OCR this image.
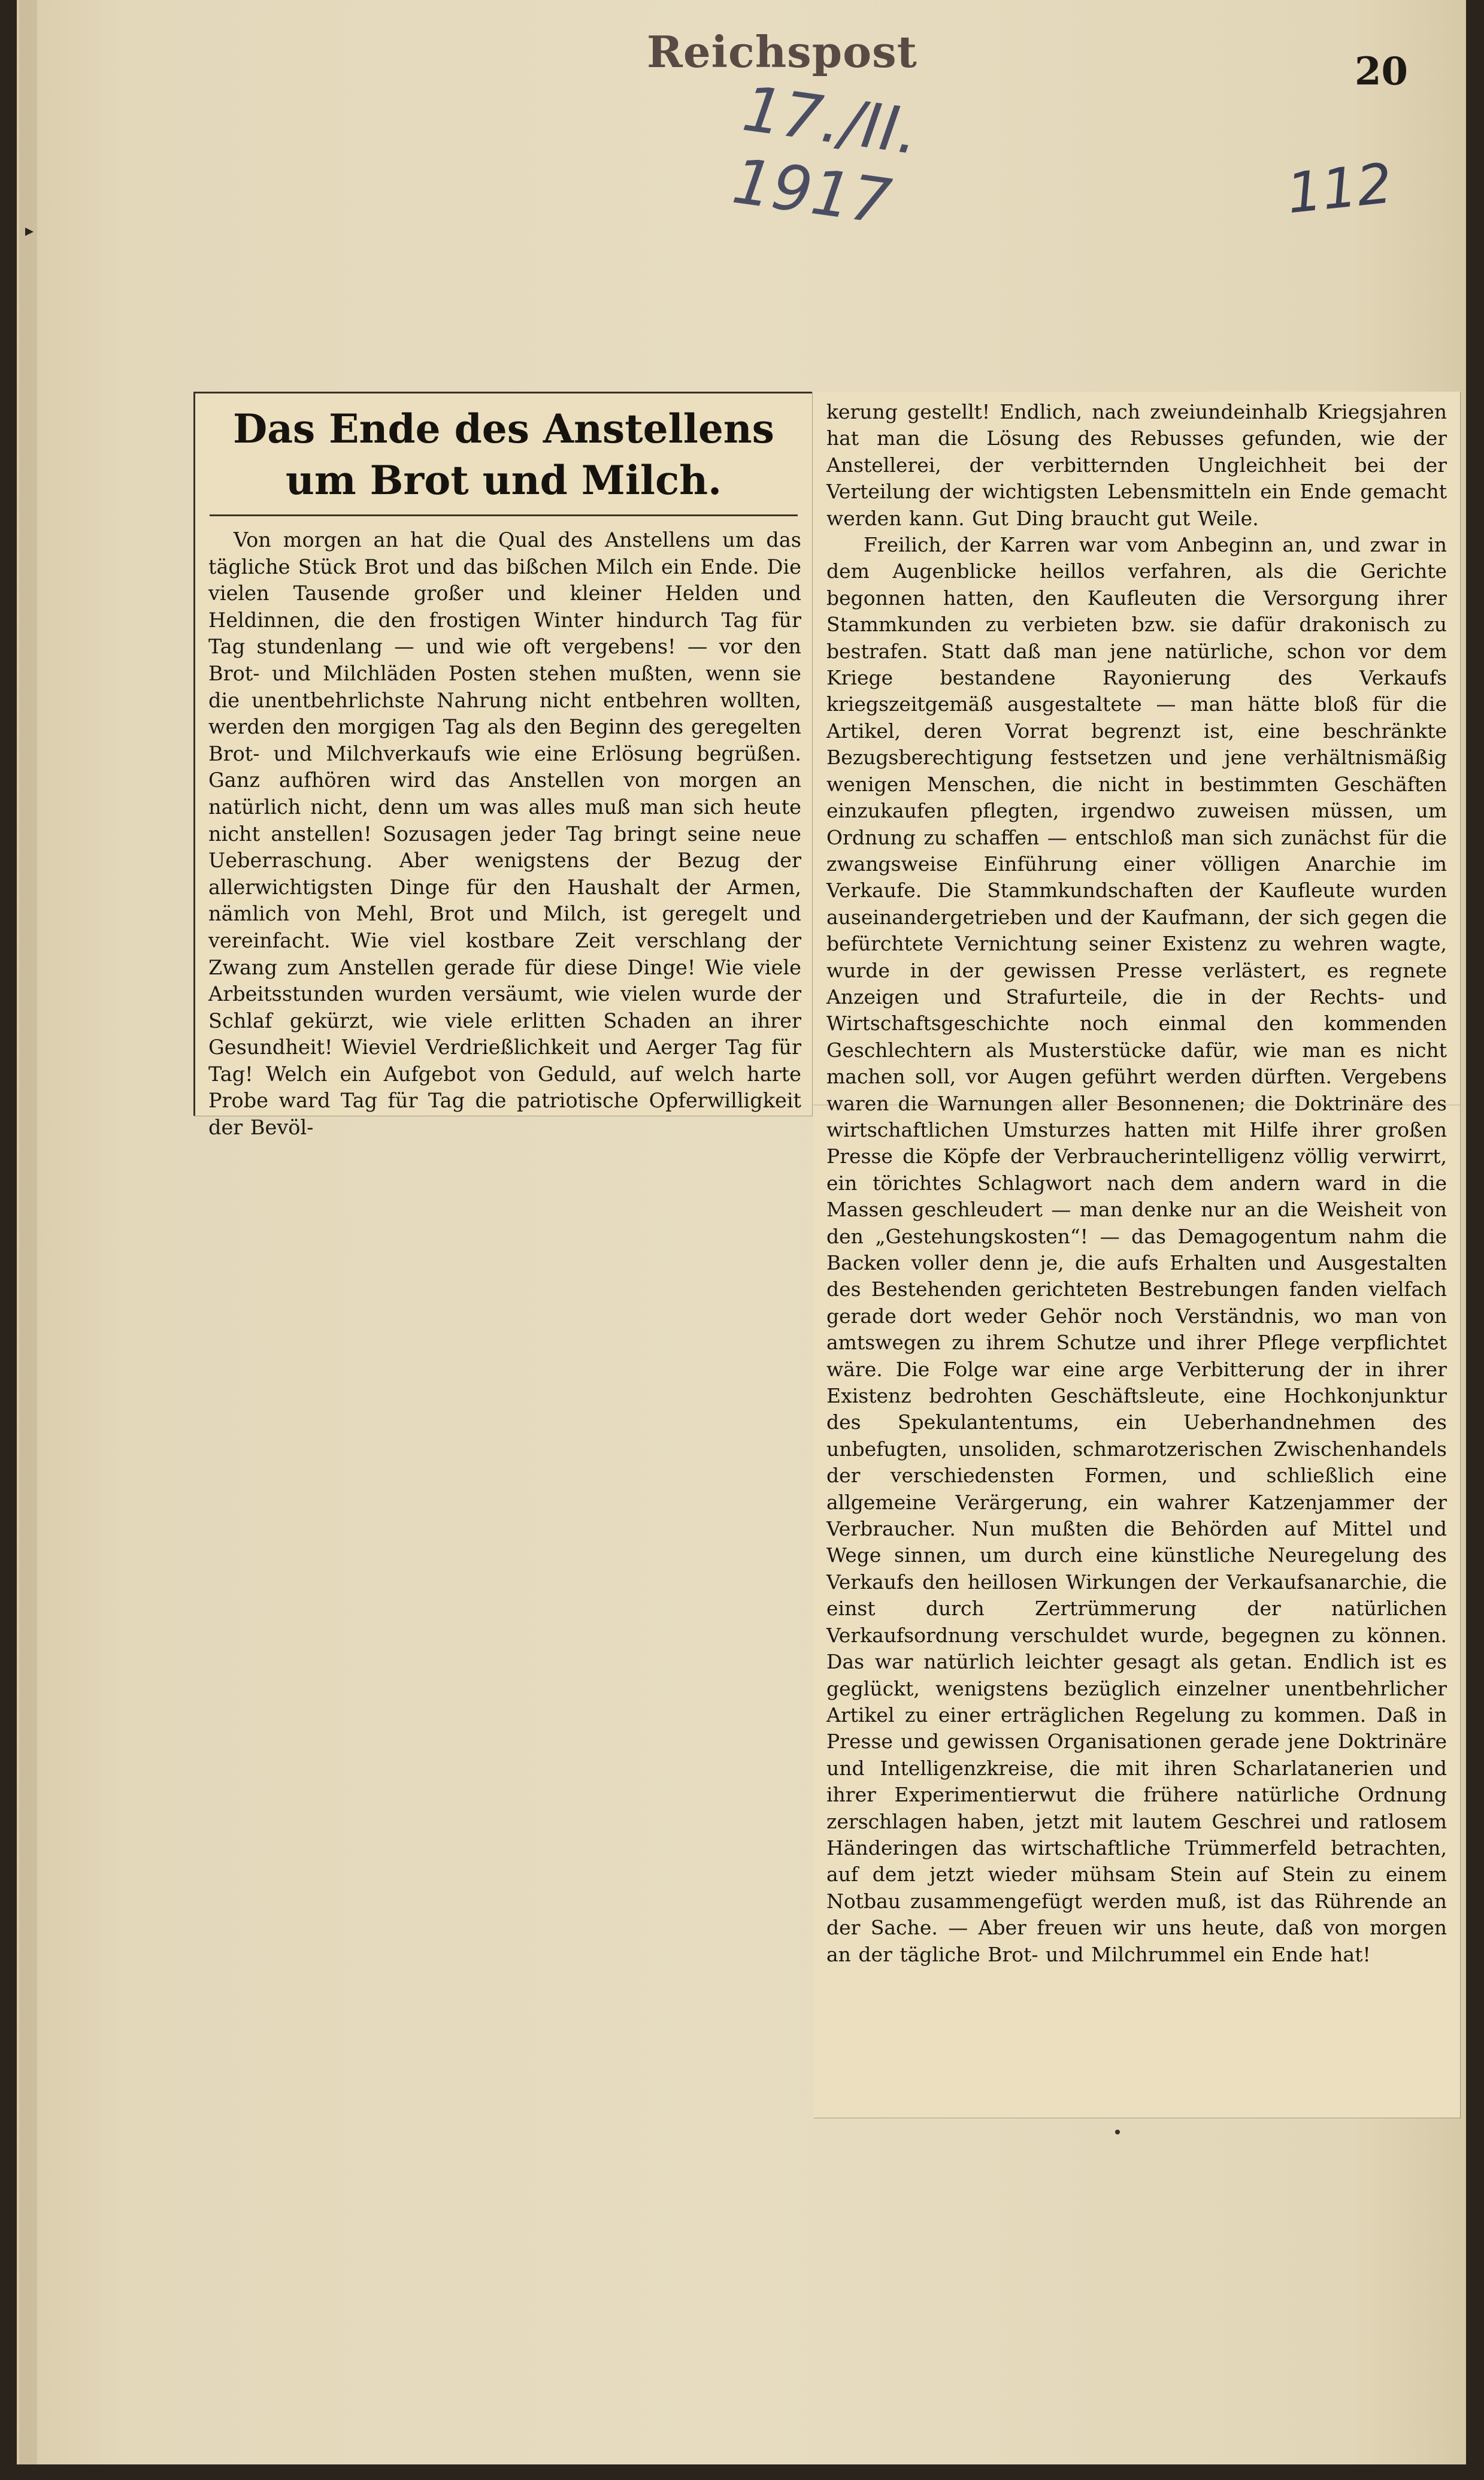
Reichspost	20
17./II. 1917	112
Das Ende des Anstellens um Brot und Milch.
Von morgen an hat die Qual des Anstellens um das tägliche Stück Brot und das bißchen Milch ein Ende. Die vielen Tausende großer und kleiner Helden und Heldinnen, die den frostigen Winter hindurch Tag für Tag stundenlang — und wie oft vergebens! — vor den Brot- und Milchläden Posten stehen mußten, wenn sie die unentbehrlichste Nahrung nicht entbehren wollten, werden den morgigen Tag als den Beginn des geregelten Brot- und Milchverkaufs wie eine Erlösung begrüßen. Ganz aufhören wird das Anstellen von morgen an natürlich nicht, denn um was alles muß man sich heute nicht anstellen! Sozusagen jeder Tag bringt seine neue Ueberraschung. Aber wenigstens der Bezug der allerwichtigsten Dinge für den Haushalt der Armen, nämlich von Mehl, Brot und Milch, ist geregelt und vereinfacht. Wie viel kostbare Zeit verschlang der Zwang zum Anstellen gerade für diese Dinge! Wie viele Arbeitsstunden wurden versäumt, wie vielen wurde der Schlaf gekürzt, wie viele erlitten Schaden an ihrer Gesundheit! Wieviel Verdrießlichkeit und Aerger Tag für Tag! Welch ein Aufgebot von Geduld, auf welch harte Probe ward Tag für Tag die patriotische Opferwilligkeit der Bevöl-
kerung gestellt! Endlich, nach zweiundeinhalb Kriegsjahren hat man die Lösung des Rebusses gefunden, wie der Anstellerei, der verbitternden Ungleichheit bei der Verteilung der wichtigsten Lebensmitteln ein Ende gemacht werden kann. Gut Ding braucht gut Weile.
Freilich, der Karren war vom Anbeginn an, und zwar in dem Augenblicke heillos verfahren, als die Gerichte begonnen hatten, den Kaufleuten die Versorgung ihrer Stammkunden zu verbieten bzw. sie dafür drakonisch zu bestrafen. Statt daß man jene natürliche, schon vor dem Kriege bestandene Rayonierung des Verkaufs kriegszeitgemäß ausgestaltete — man hätte bloß für die Artikel, deren Vorrat begrenzt ist, eine beschränkte Bezugsberechtigung festsetzen und jene verhältnismäßig wenigen Menschen, die nicht in bestimmten Geschäften einzukaufen pflegten, irgendwo zuweisen müssen, um Ordnung zu schaffen — entschloß man sich zunächst für die zwangsweise Einführung einer völligen Anarchie im Verkaufe. Die Stammkundschaften der Kaufleute wurden auseinandergetrieben und der Kaufmann, der sich gegen die befürchtete Vernichtung seiner Existenz zu wehren wagte, wurde in der gewissen Presse verlästert, es regnete Anzeigen und Strafurteile, die in der Rechts- und Wirtschaftsgeschichte noch einmal den kommenden Geschlechtern als Musterstücke dafür, wie man es nicht machen soll, vor Augen geführt werden dürften. Vergebens waren die Warnungen aller Besonnenen; die Doktrinäre des wirtschaftlichen Umsturzes hatten mit Hilfe ihrer großen Presse die Köpfe der Verbraucherintelligenz völlig verwirrt, ein törichtes Schlagwort nach dem andern ward in die Massen geschleudert — man denke nur an die Weisheit von den „Gestehungskosten“! — das Demagogentum nahm die Backen voller denn je, die aufs Erhalten und Ausgestalten des Bestehenden gerichteten Bestrebungen fanden vielfach gerade dort weder Gehör noch Verständnis, wo man von amtswegen zu ihrem Schutze und ihrer Pflege verpflichtet wäre. Die Folge war eine arge Verbitterung der in ihrer Existenz bedrohten Geschäftsleute, eine Hochkonjunktur des Spekulantentums, ein Ueberhandnehmen des unbefugten, unsoliden, schmarotzerischen Zwischenhandels der verschiedensten Formen, und schließlich eine allgemeine Verärgerung, ein wahrer Katzenjammer der Verbraucher. Nun mußten die Behörden auf Mittel und Wege sinnen, um durch eine künstliche Neuregelung des Verkaufs den heillosen Wirkungen der Verkaufsanarchie, die einst durch Zertrümmerung der natürlichen Verkaufsordnung verschuldet wurde, begegnen zu können. Das war natürlich leichter gesagt als getan. Endlich ist es geglückt, wenigstens bezüglich einzelner unentbehrlicher Artikel zu einer erträglichen Regelung zu kommen. Daß in Presse und gewissen Organisationen gerade jene Doktrinäre und Intelligenzkreise, die mit ihren Scharlatanerien und ihrer Experimentierwut die frühere natürliche Ordnung zerschlagen haben, jetzt mit lautem Geschrei und ratlosem Händeringen das wirtschaftliche Trümmerfeld betrachten, auf dem jetzt wieder mühsam Stein auf Stein zu einem Notbau zusammengefügt werden muß, ist das Rührende an der Sache. — Aber freuen wir uns heute, daß von morgen an der tägliche Brot- und Milchrummel ein Ende hat!
